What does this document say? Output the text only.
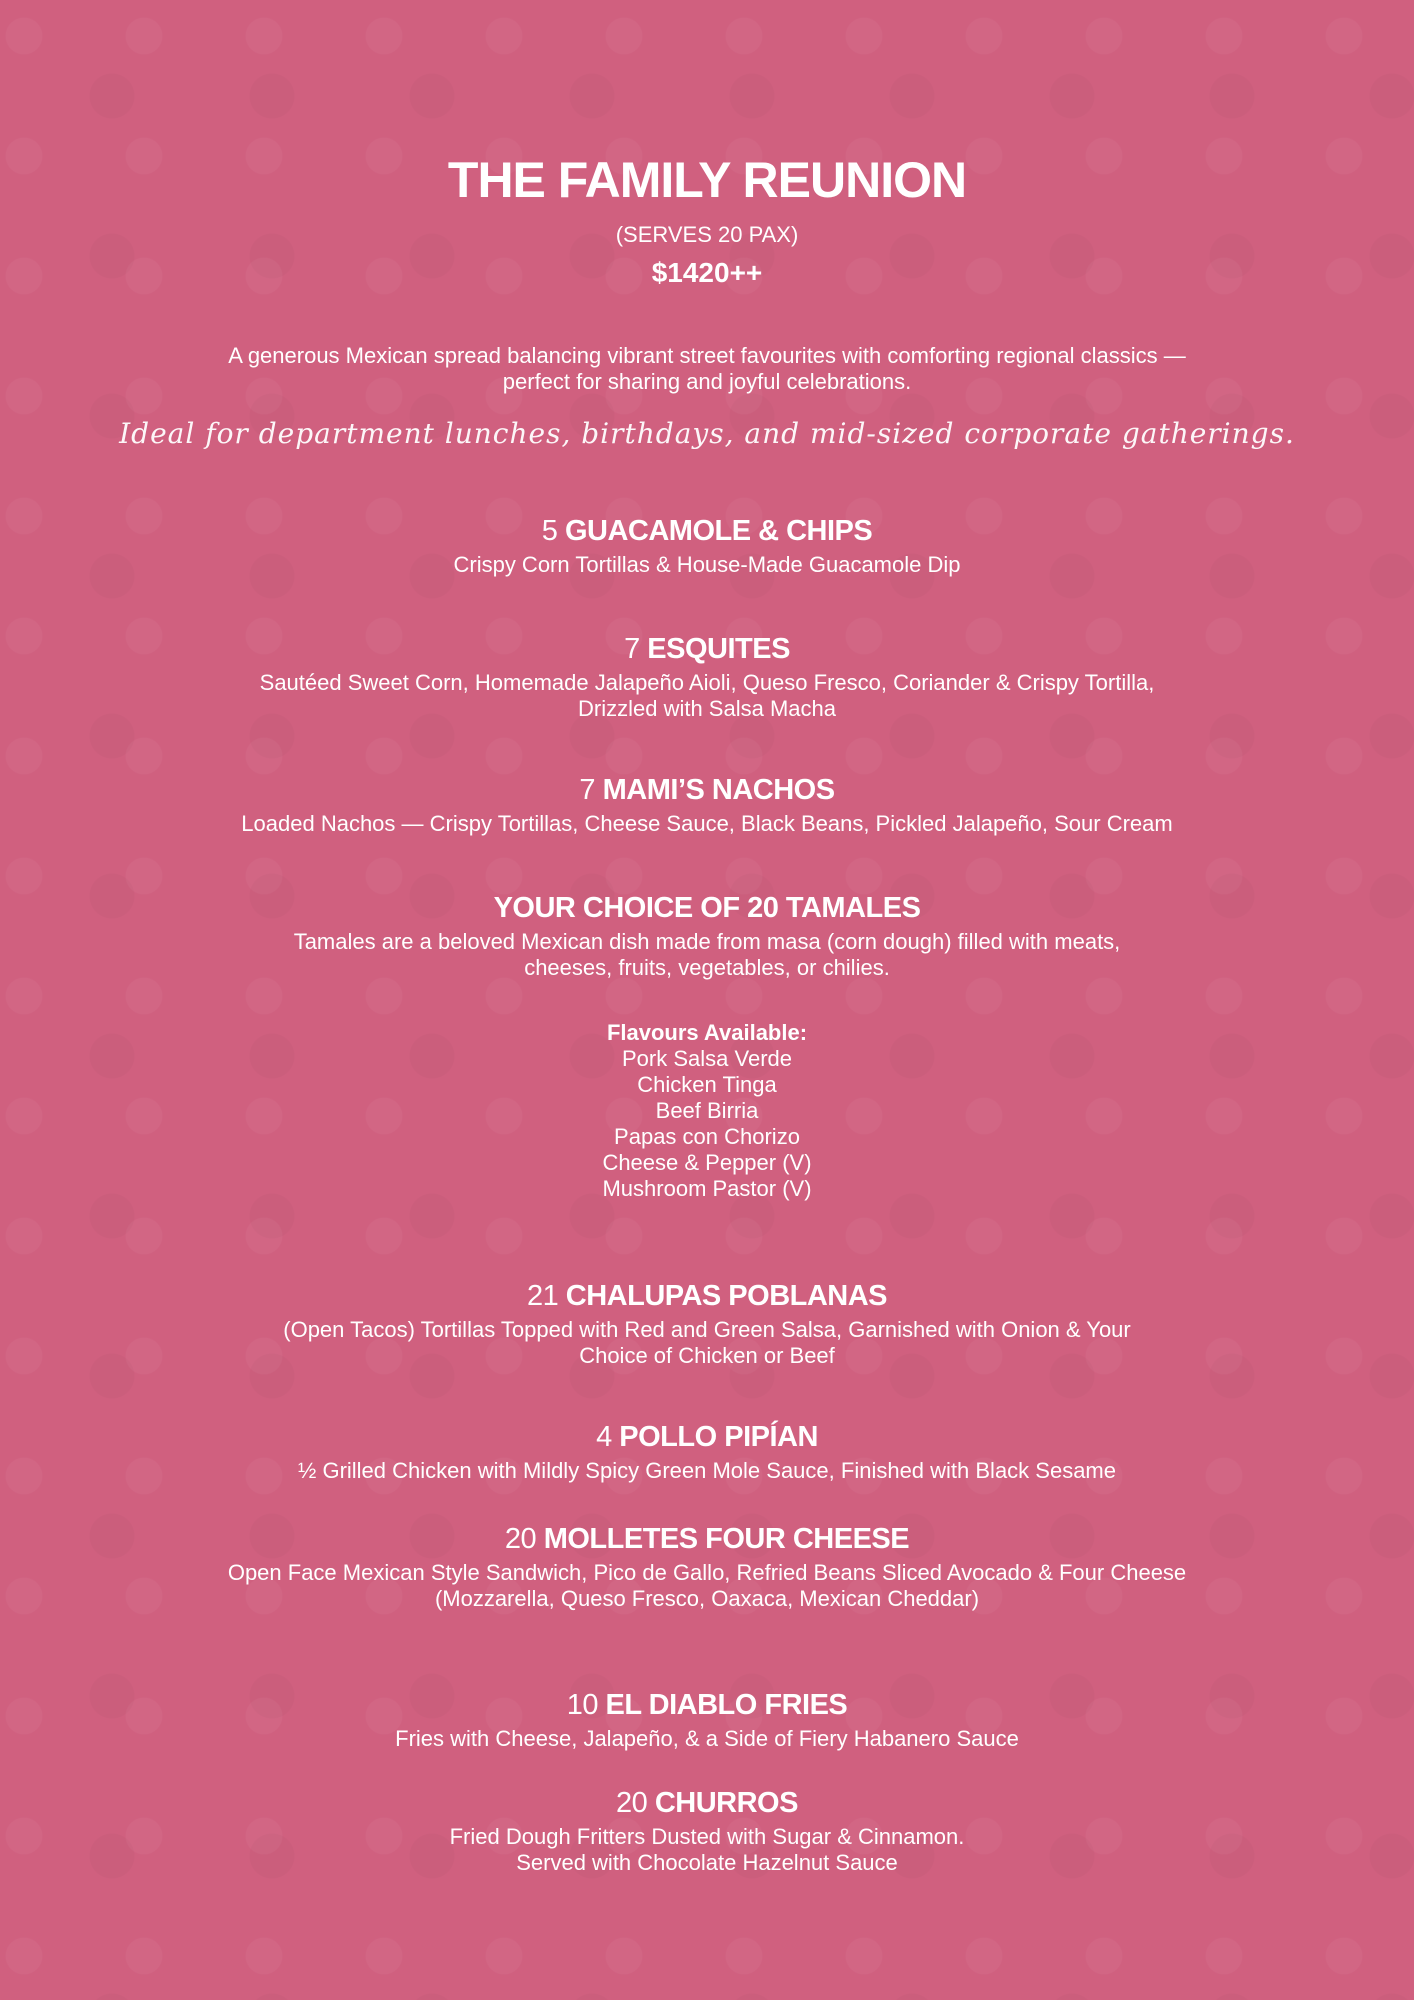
THE FAMILY REUNION
(SERVES 20 PAX)
$1420++
A generous Mexican spread balancing vibrant street favourites with comforting regional classics —
perfect for sharing and joyful celebrations.
Ideal for department lunches, birthdays, and mid-sized corporate gatherings.
5 GUACAMOLE & CHIPS
Crispy Corn Tortillas & House-Made Guacamole Dip
7 ESQUITES
Sautéed Sweet Corn, Homemade Jalapeño Aioli, Queso Fresco, Coriander & Crispy Tortilla,
Drizzled with Salsa Macha
7 MAMI’S NACHOS
Loaded Nachos — Crispy Tortillas, Cheese Sauce, Black Beans, Pickled Jalapeño, Sour Cream
YOUR CHOICE OF 20 TAMALES
Tamales are a beloved Mexican dish made from masa (corn dough) filled with meats,
cheeses, fruits, vegetables, or chilies.
Flavours Available:
Pork Salsa Verde
Chicken Tinga
Beef Birria
Papas con Chorizo
Cheese & Pepper (V)
Mushroom Pastor (V)
21 CHALUPAS POBLANAS
(Open Tacos) Tortillas Topped with Red and Green Salsa, Garnished with Onion & Your
Choice of Chicken or Beef
4 POLLO PIPÍAN
½ Grilled Chicken with Mildly Spicy Green Mole Sauce, Finished with Black Sesame
20 MOLLETES FOUR CHEESE
Open Face Mexican Style Sandwich, Pico de Gallo, Refried Beans Sliced Avocado & Four Cheese
(Mozzarella, Queso Fresco, Oaxaca, Mexican Cheddar)
10 EL DIABLO FRIES
Fries with Cheese, Jalapeño, & a Side of Fiery Habanero Sauce
20 CHURROS
Fried Dough Fritters Dusted with Sugar & Cinnamon.
Served with Chocolate Hazelnut Sauce
